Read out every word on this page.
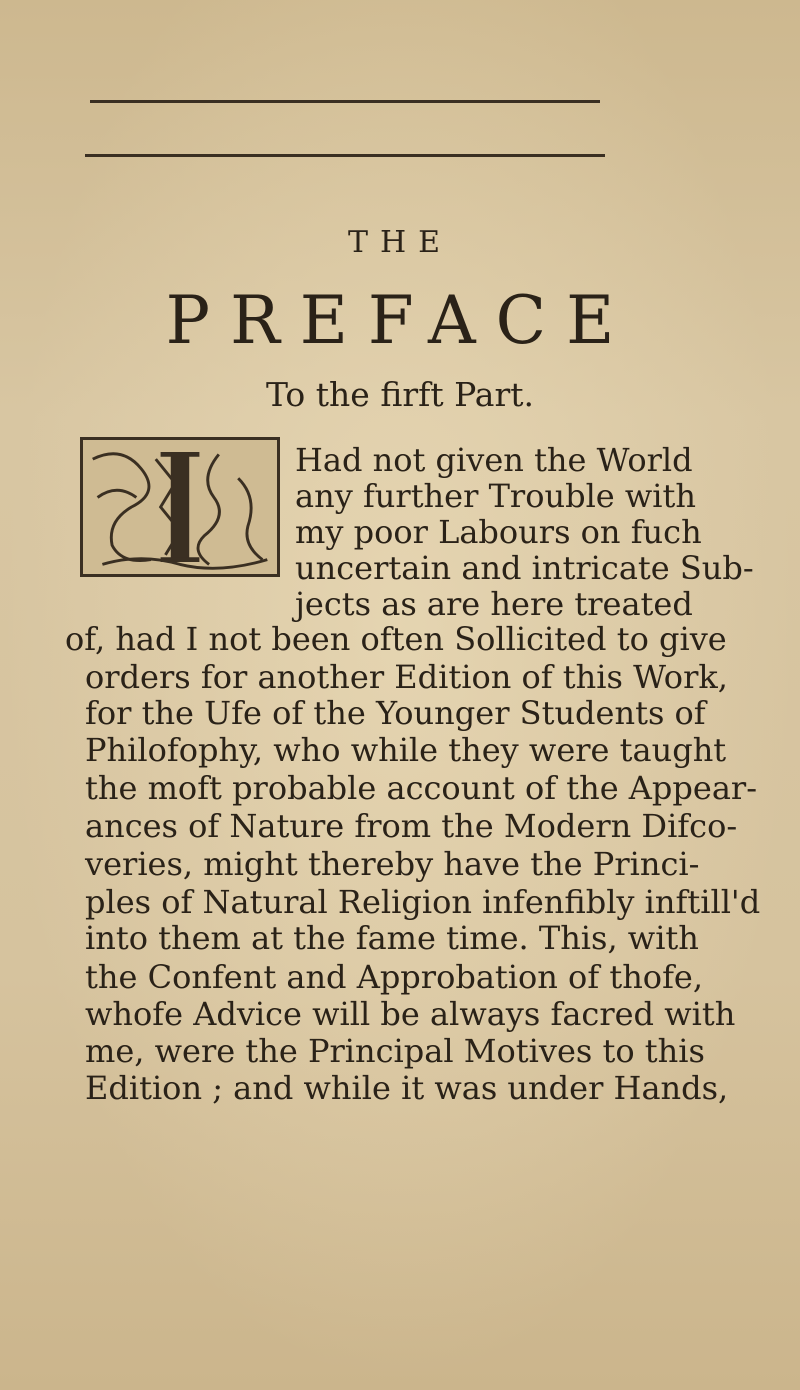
THE
PREFACE
To the firft Part.
Had not given the World
any further Trouble with
my poor Labours on fuch
uncertain and intricate Sub-
jects as are here treated
of, had I not been often Sollicited to give
orders for another Edition of this Work,
for the Ufe of the Younger Students of
Philofophy, who while they were taught
the moft probable account of the Appear-
ances of Nature from the Modern Difco-
veries, might thereby have the Princi-
ples of Natural Religion infenfibly inftill'd
into them at the fame time. This, with
the Confent and Approbation of thofe,
whofe Advice will be always facred with
me, were the Principal Motives to this
Edition ; and while it was under Hands,
